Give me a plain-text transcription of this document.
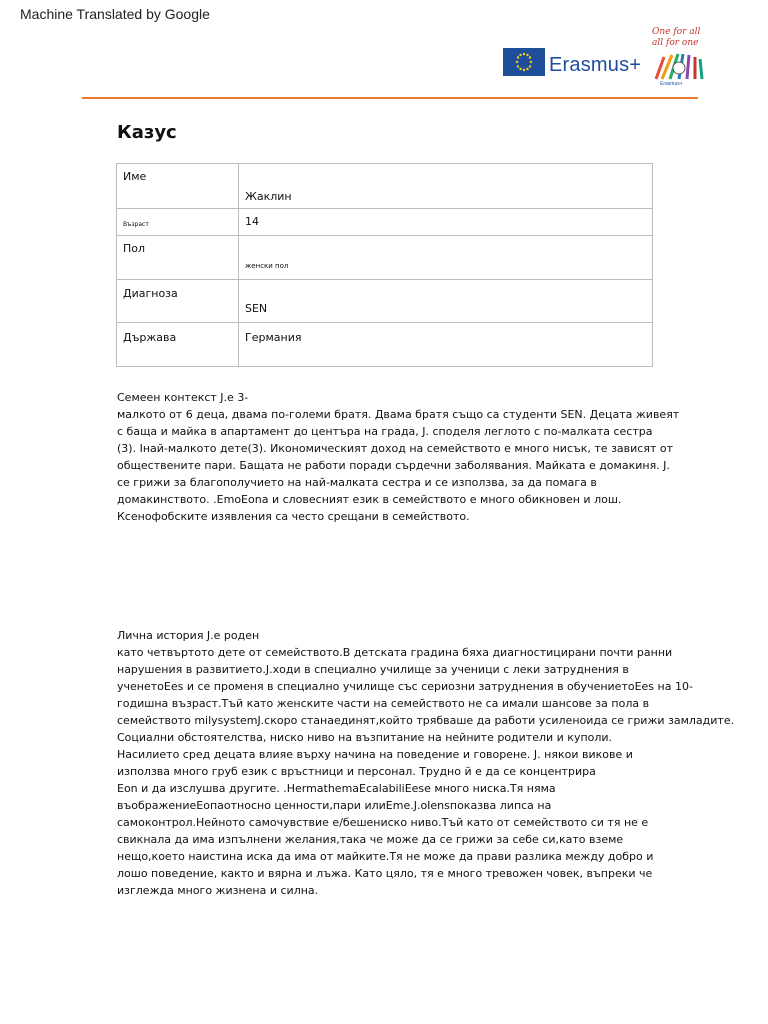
Machine Translated by Google
Erasmus+
One for all
all for one
Erasmus+
Казус
Име	Жаклин
Възраст	14
Пол	женски пол
Диагноза	SEN
Държава	Германия
Семеен контекст J.е 3-
малкото от 6 деца, двама по-големи братя. Двама братя също са студенти SEN. Децата живеят
с баща и майка в апартамент до центъра на града, J. споделя леглото с по-малката сестра
(3). Інай-малкото дете(3). Икономическият доход на семейството е много нисък, те зависят от
обществените пари. Бащата не работи поради сърдечни заболявания. Майката е домакиня. J.
се грижи за благополучието на най-малката сестра и се използва, за да помага в
домакинството. .EmoEona и словесният език в семейството е много обикновен и лош.
Ксенофобските изявления са често срещани в семейството.
Лична история J.е роден
като четвъртото дете от семейството.В детската градина бяха диагностицирани почти ранни
нарушения в развитието.J.ходи в специално училище за ученици с леки затруднения в
ученетоEes и се променя в специално училище със сериозни затруднения в обучениетоEes на 10-
годишна възраст.Тъй като женските части на семейството не са имали шансове за пола в
семейството milysystemJ.скоро станаединят,който трябваше да работи усиленоида се грижи замладите.
Социални обстоятелства, ниско ниво на възпитание на нейните родители и куполи.
Насилието сред децата влияе върху начина на поведение и говорене. J. някои викове и
използва много груб език с връстници и персонал. Трудно й е да се концентрира
Eon и да изслушва другите. .HermathemaEcalabiliEese много ниска.Тя няма
въображениеEoпаотносно ценности,пари илиEme.J.oIensпоказва липса на
самоконтрол.Нейното самочувствие е/бешениско ниво.Тъй като от семейството си тя не е
свикнала да има изпълнени желания,така че може да се грижи за себе си,като вземе
нещо,което наистина иска да има от майките.Тя не може да прави разлика между добро и
лошо поведение, както и вярна и лъжа. Като цяло, тя е много тревожен човек, въпреки че
изглежда много жизнена и силна.
